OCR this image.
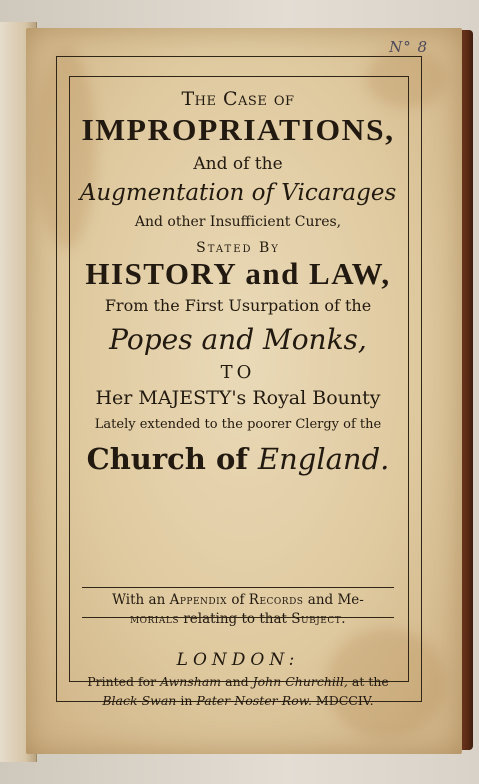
N° 8
The Case of
IMPROPRIATIONS,
And of the
Augmentation of Vicarages
And other Insufficient Cures,
Stated By
HISTORY and LAW,
From the First Usurpation of the
Popes and Monks,
TO
Her MAJESTY's Royal Bounty
Lately extended to the poorer Clergy of the
Church of England.
With an Appendix of Records and Me-
morials relating to that Subject.
LONDON:
Printed for Awnsham and John Churchill, at the
Black-Swan in Pater-Noster-Row. MDCCIV.
